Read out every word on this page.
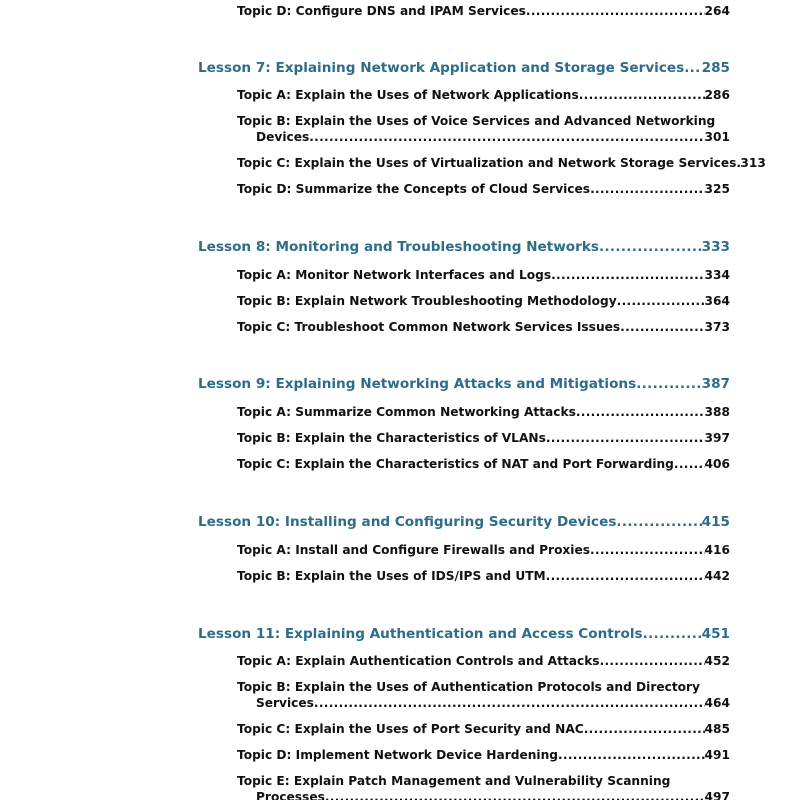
Topic D: Configure DNS and IPAM Services .....	264
Lesson 7: Explaining Network Application and Storage Services ..... 285
Topic A: Explain the Uses of Network Applications .....	286
Topic B: Explain the Uses of Voice Services and Advanced Networking
Devices .....	301
Topic C: Explain the Uses of Virtualization and Network Storage Services ..... 313
Topic D: Summarize the Concepts of Cloud Services .....	325
Lesson 8: Monitoring and Troubleshooting Networks .....	333
Topic A: Monitor Network Interfaces and Logs .....	334
Topic B: Explain Network Troubleshooting Methodology .....	364
Topic C: Troubleshoot Common Network Services Issues .....	373
Lesson 9: Explaining Networking Attacks and Mitigations .....	387
Topic A: Summarize Common Networking Attacks .....	388
Topic B: Explain the Characteristics of VLANs .....	397
Topic C: Explain the Characteristics of NAT and Port Forwarding .....	406
Lesson 10: Installing and Configuring Security Devices .....	415
Topic A: Install and Configure Firewalls and Proxies .....	416
Topic B: Explain the Uses of IDS/IPS and UTM .....	442
Lesson 11: Explaining Authentication and Access Controls .....	451
Topic A: Explain Authentication Controls and Attacks .....	452
Topic B: Explain the Uses of Authentication Protocols and Directory
Services .....	464
Topic C: Explain the Uses of Port Security and NAC .....	485
Topic D: Implement Network Device Hardening .....	491
Topic E: Explain Patch Management and Vulnerability Scanning
Processes .....	497
